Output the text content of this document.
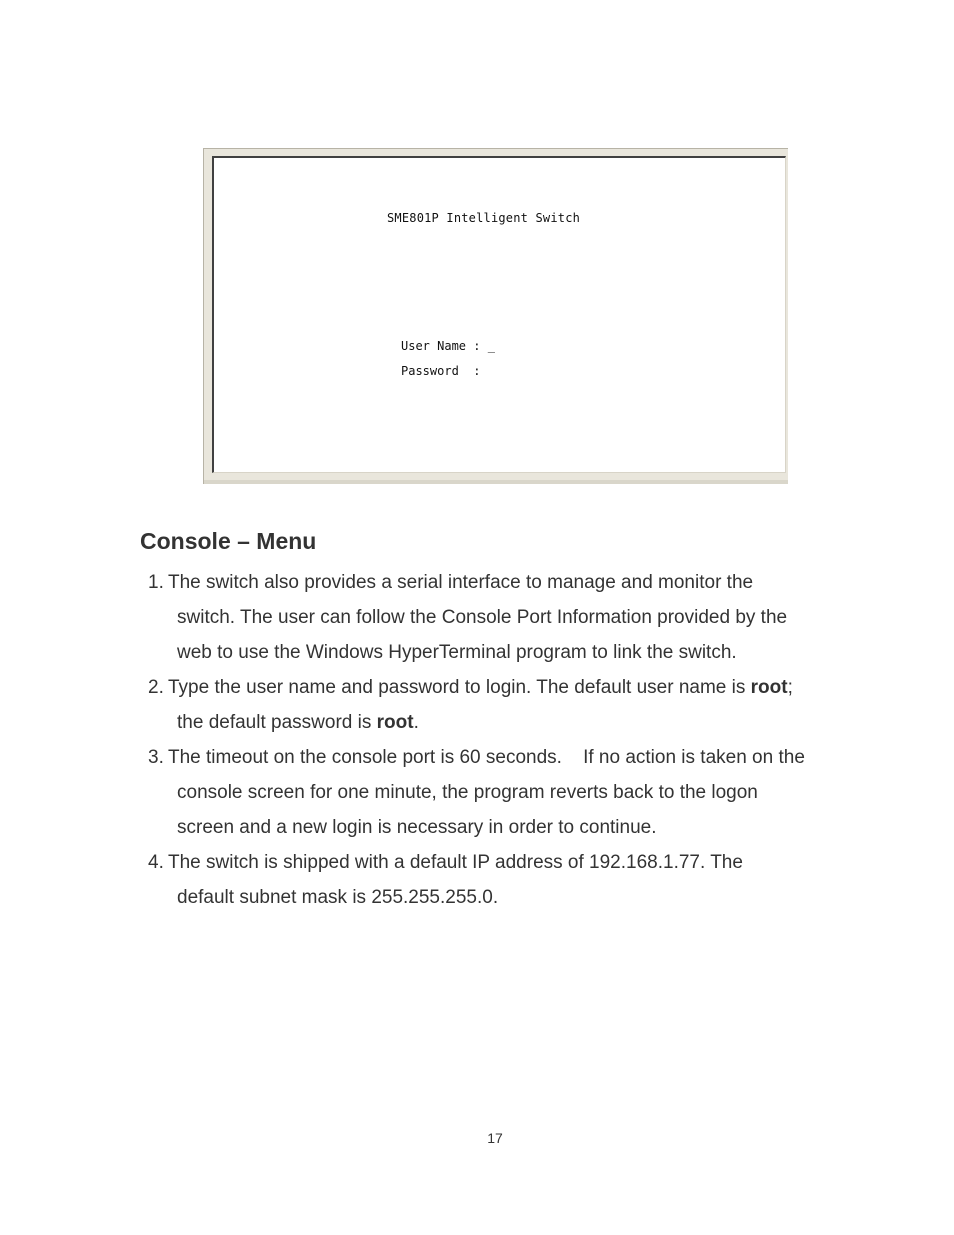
SME801P Intelligent Switch
User Name : _
Password  :
Console – Menu
1. The switch also provides a serial interface to manage and monitor the
switch. The user can follow the Console Port Information provided by the
web to use the Windows HyperTerminal program to link the switch.
2. Type the user name and password to login. The default user name is root;
the default password is root.
3. The timeout on the console port is 60 seconds.    If no action is taken on the
console screen for one minute, the program reverts back to the logon
screen and a new login is necessary in order to continue.
4. The switch is shipped with a default IP address of 192.168.1.77. The
default subnet mask is 255.255.255.0.
17
